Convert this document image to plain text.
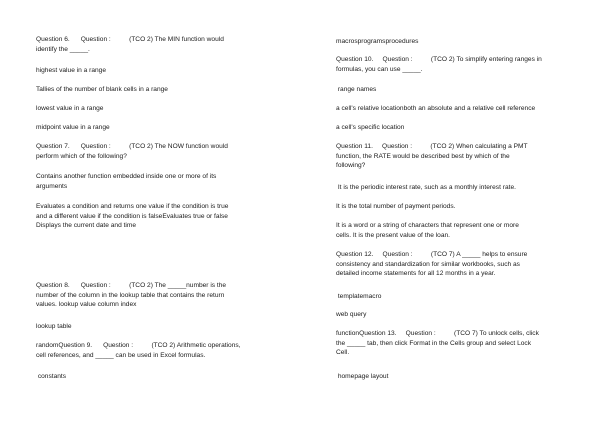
Question 6.      Question :          (TCO 2) The MIN function would
identify the _____.
highest value in a range
Tallies of the number of blank cells in a range
lowest value in a range
midpoint value in a range
Question 7.      Question :          (TCO 2) The NOW function would
perform which of the following?
Contains another function embedded inside one or more of its
arguments
Evaluates a condition and returns one value if the condition is true
and a different value if the condition is falseEvaluates true or false
Displays the current date and time
Question 8.      Question :          (TCO 2) The _____number is the
number of the column in the lookup table that contains the return
values. lookup value column index
lookup table
randomQuestion 9.      Question :          (TCO 2) Arithmetic operations,
cell references, and _____ can be used in Excel formulas.
constants
macrosprogramsprocedures
Question 10.     Question :          (TCO 2) To simplify entering ranges in
formulas, you can use _____.
range names
a cell's relative locationboth an absolute and a relative cell reference
a cell's specific location
Question 11.     Question :          (TCO 2) When calculating a PMT
function, the RATE would be described best by which of the
following?
It is the periodic interest rate, such as a monthly interest rate.
It is the total number of payment periods.
It is a word or a string of characters that represent one or more
cells. It is the present value of the loan.
Question 12.     Question :          (TCO 7) A _____ helps to ensure
consistency and standardization for similar workbooks, such as
detailed income statements for all 12 months in a year.
templatemacro
web query
functionQuestion 13.     Question :          (TCO 7) To unlock cells, click
the _____ tab, then click Format in the Cells group and select Lock
Cell.
homepage layout
